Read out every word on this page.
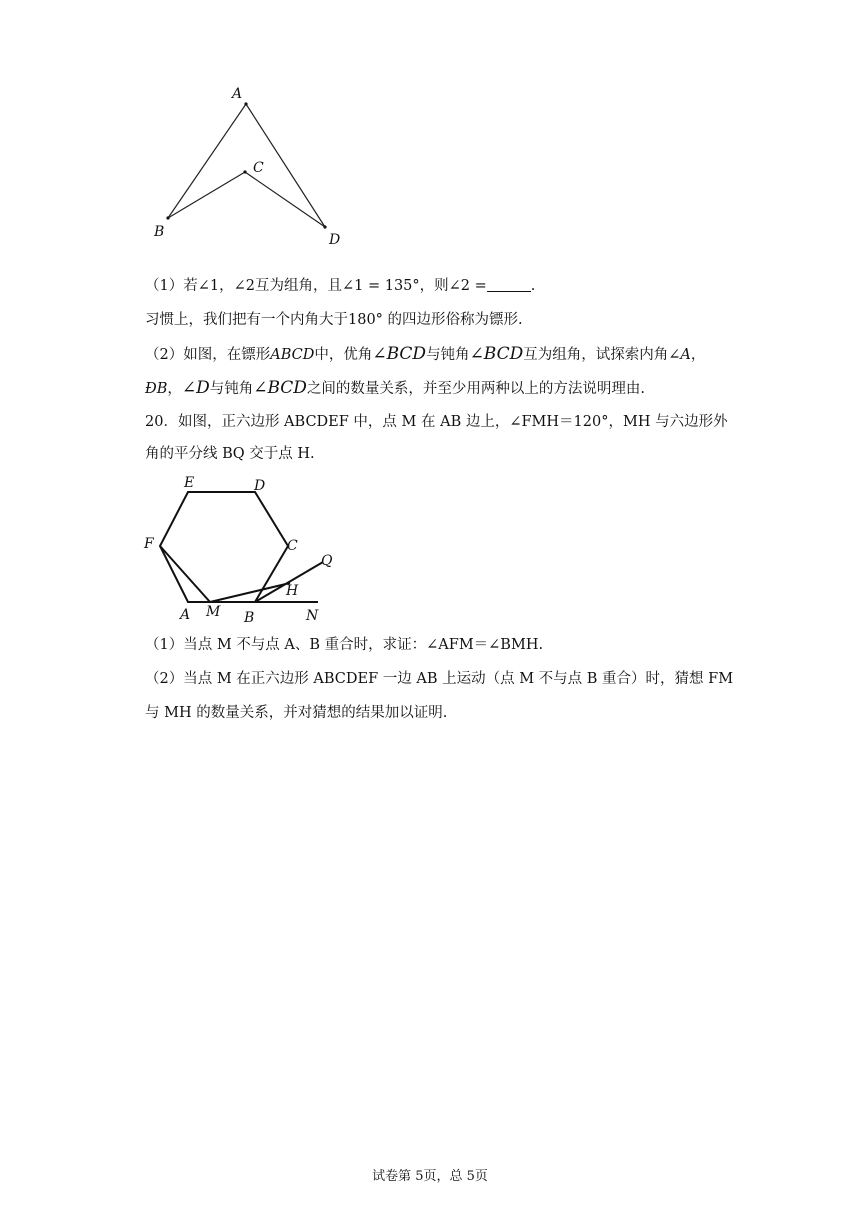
A
B
C
D
（1）若∠1，∠2互为组角，且∠1 = 135°，则∠2 =	.
习惯上，我们把有一个内角大于180° 的四边形俗称为镖形.
（2）如图，在镖形ABCD中，优角∠BCD与钝角∠BCD互为组角，试探索内角∠A，
ÐB，∠D与钝角∠BCD之间的数量关系，并至少用两种以上的方法说明理由.
20．如图，正六边形 ABCDEF 中，点 M 在 AB 边上，∠FMH＝120°，MH 与六边形外
角的平分线 BQ 交于点 H.
E	D
F	C
Q
H
A M B	N
（1）当点 M 不与点 A、B 重合时，求证：∠AFM＝∠BMH.
（2）当点 M 在正六边形 ABCDEF 一边 AB 上运动（点 M 不与点 B 重合）时，猜想 FM
与 MH 的数量关系，并对猜想的结果加以证明.
试卷第 5页，总 5页
